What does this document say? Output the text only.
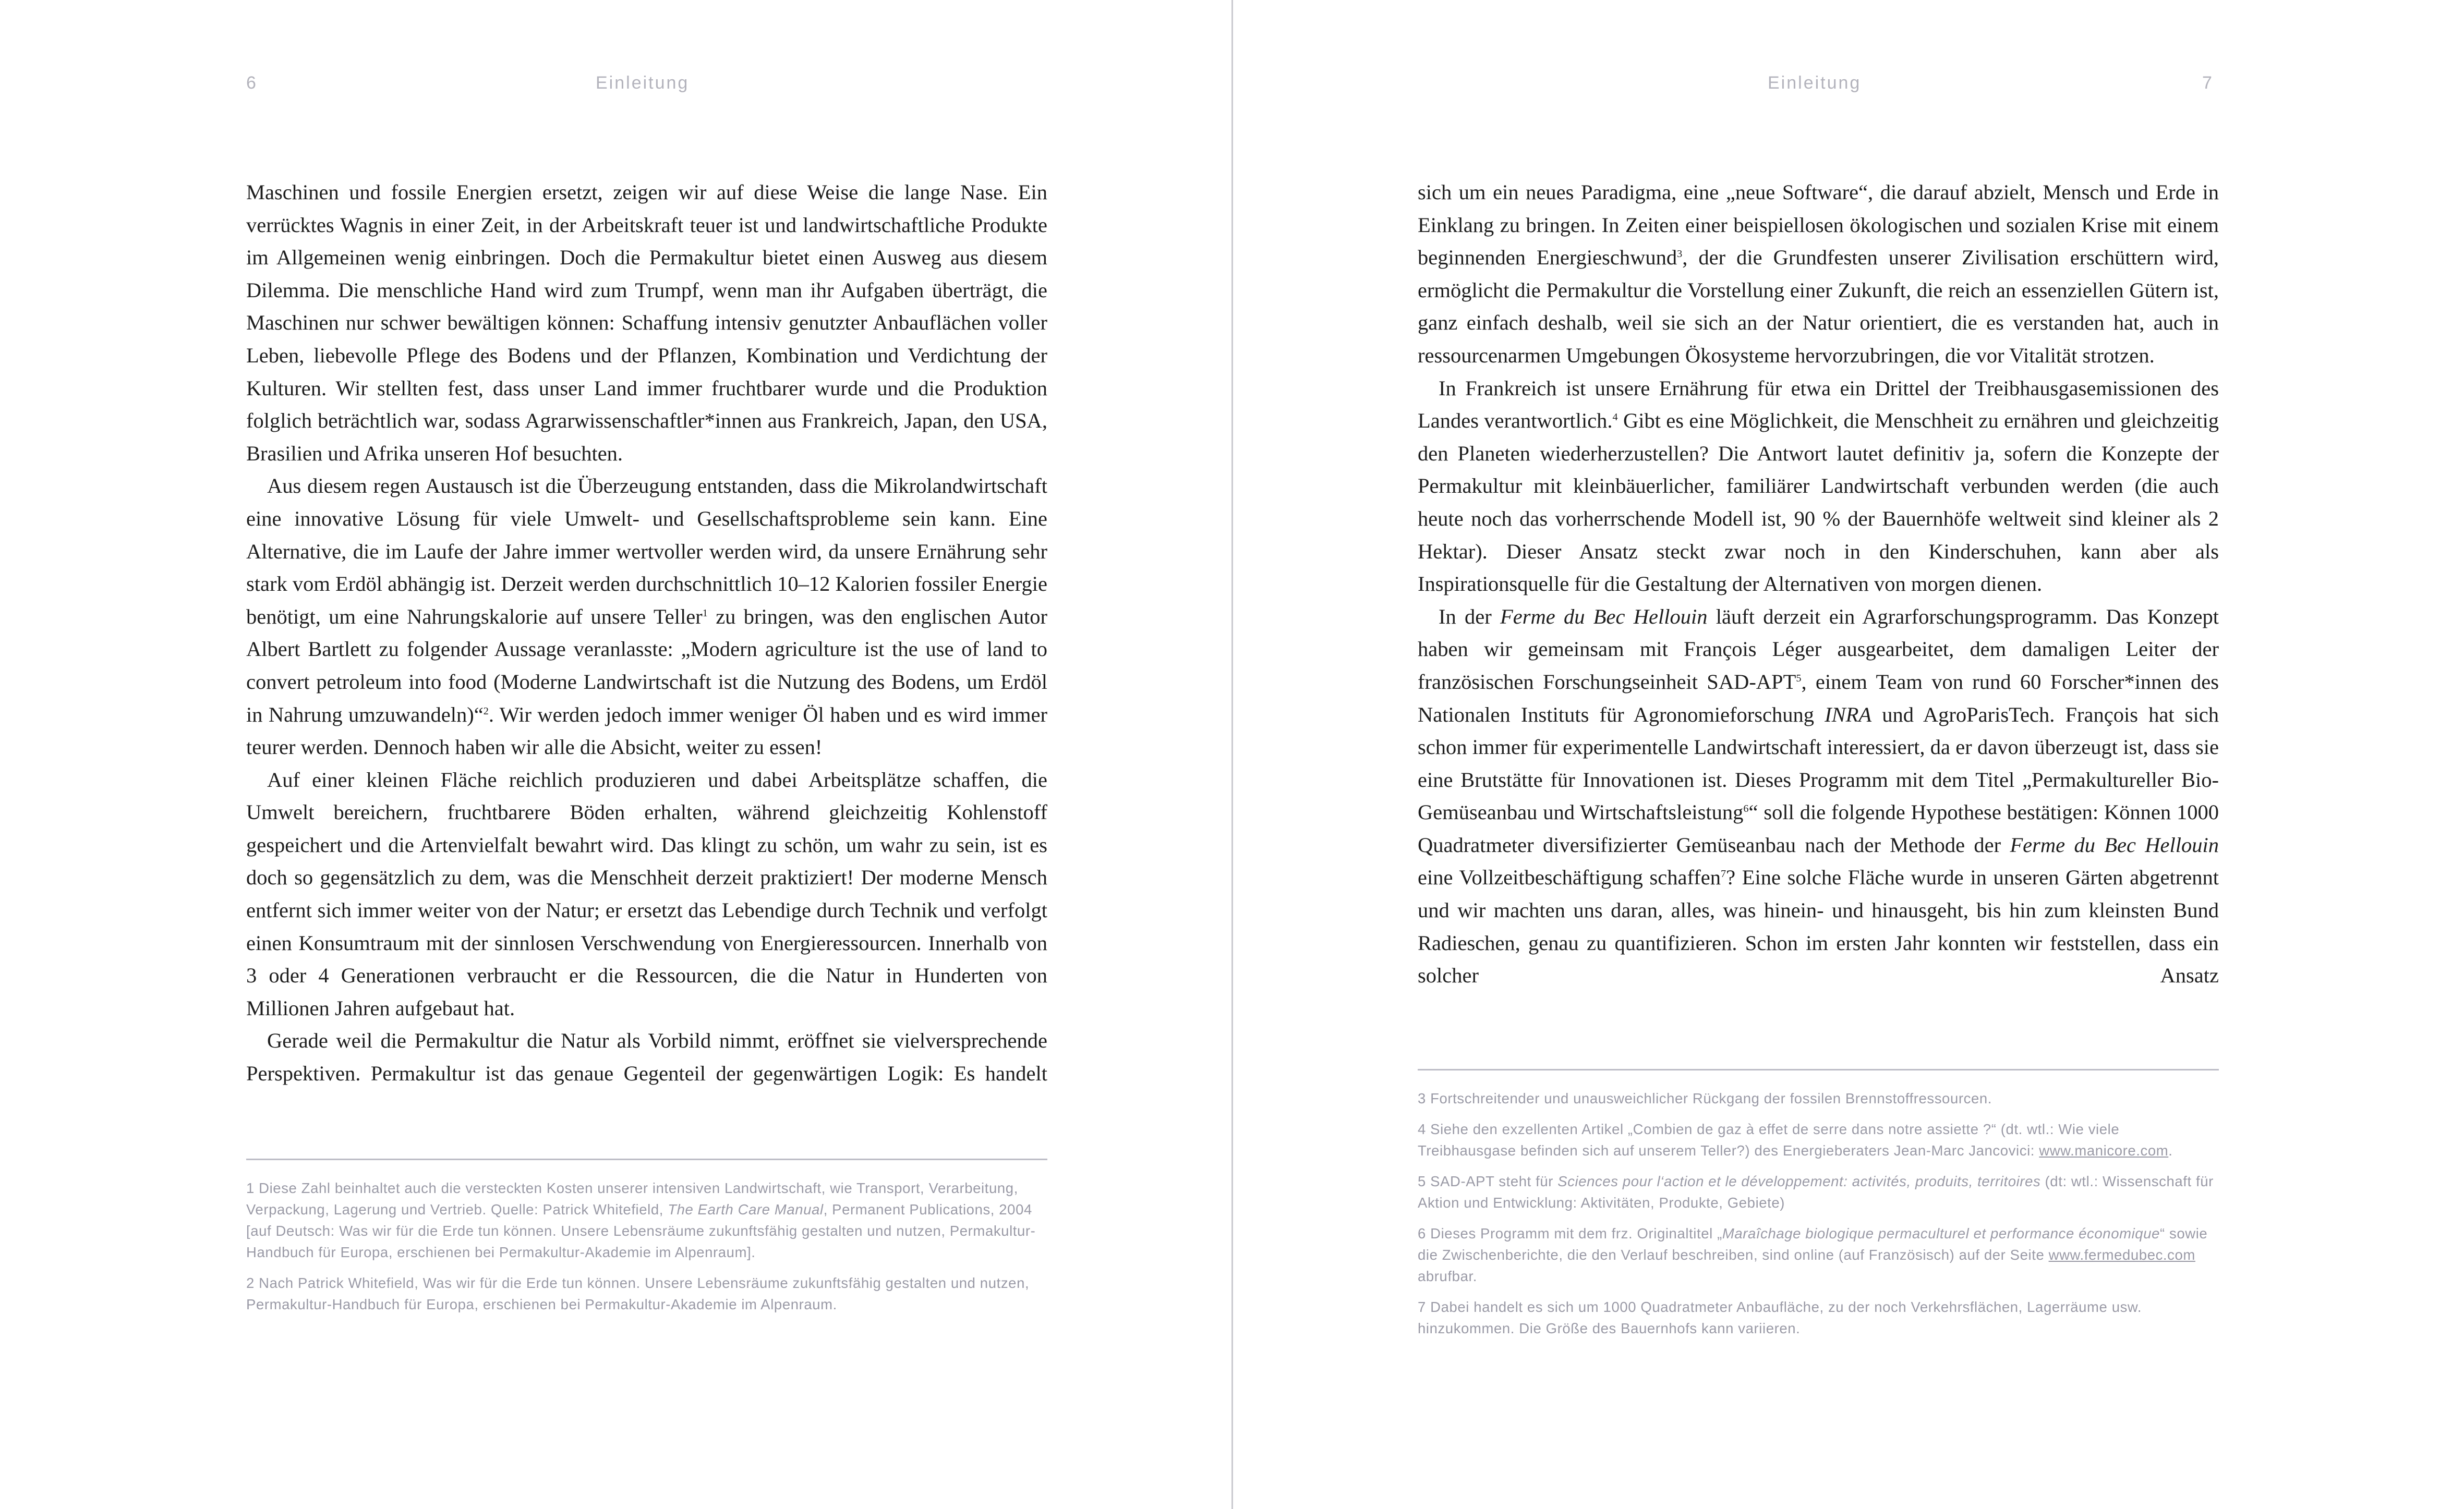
6	Einleitung

Maschinen und fossile Energien ersetzt, zeigen wir auf diese Weise die lange Nase. Ein verrücktes Wagnis in einer Zeit, in der Arbeitskraft teuer ist und landwirtschaftliche Produkte im Allgemeinen wenig einbringen. Doch die Permakultur bietet einen Ausweg aus diesem Dilemma. Die menschliche Hand wird zum Trumpf, wenn man ihr Aufgaben überträgt, die Maschinen nur schwer bewältigen können: Schaffung intensiv genutzter Anbauflächen voller Leben, liebevolle Pflege des Bodens und der Pflanzen, Kombination und Verdichtung der Kulturen. Wir stellten fest, dass unser Land immer fruchtbarer wurde und die Produktion folglich beträchtlich war, sodass Agrarwissenschaftler*innen aus Frankreich, Japan, den USA, Brasilien und Afrika unseren Hof besuchten.

Aus diesem regen Austausch ist die Überzeugung entstanden, dass die Mikrolandwirtschaft eine innovative Lösung für viele Umwelt- und Gesellschaftsprobleme sein kann. Eine Alternative, die im Laufe der Jahre immer wertvoller werden wird, da unsere Ernährung sehr stark vom Erdöl abhängig ist. Derzeit werden durchschnittlich 10–12 Kalorien fossiler Energie benötigt, um eine Nahrungskalorie auf unsere Teller$^1$ zu bringen, was den englischen Autor Albert Bartlett zu folgender Aussage veranlasste: „Modern agriculture ist the use of land to convert petroleum into food (Moderne Landwirtschaft ist die Nutzung des Bodens, um Erdöl in Nahrung umzuwandeln)“$^2$. Wir werden jedoch immer weniger Öl haben und es wird immer teurer werden. Dennoch haben wir alle die Absicht, weiter zu essen!

Auf einer kleinen Fläche reichlich produzieren und dabei Arbeitsplätze schaffen, die Umwelt bereichern, fruchtbarere Böden erhalten, während gleichzeitig Kohlenstoff gespeichert und die Artenvielfalt bewahrt wird. Das klingt zu schön, um wahr zu sein, ist es doch so gegensätzlich zu dem, was die Menschheit derzeit praktiziert! Der moderne Mensch entfernt sich immer weiter von der Natur; er ersetzt das Lebendige durch Technik und verfolgt einen Konsumtraum mit der sinnlosen Verschwendung von Energieressourcen. Innerhalb von 3 oder 4 Generationen verbraucht er die Ressourcen, die die Natur in Hunderten von Millionen Jahren aufgebaut hat.

Gerade weil die Permakultur die Natur als Vorbild nimmt, eröffnet sie vielversprechende Perspektiven. Permakultur ist das genaue Gegenteil der gegenwärtigen Logik: Es handelt

1 Diese Zahl beinhaltet auch die versteckten Kosten unserer intensiven Landwirtschaft, wie Transport, Verarbeitung, Verpackung, Lagerung und Vertrieb. Quelle: Patrick Whitefield, The Earth Care Manual, Permanent Publications, 2004 [auf Deutsch: Was wir für die Erde tun können. Unsere Lebensräume zukunftsfähig gestalten und nutzen, Permakultur-Handbuch für Europa, erschienen bei Permakultur-Akademie im Alpenraum].

2 Nach Patrick Whitefield, Was wir für die Erde tun können. Unsere Lebensräume zukunftsfähig gestalten und nutzen, Permakultur-Handbuch für Europa, erschienen bei Permakultur-Akademie im Alpenraum.

Einleitung	7

sich um ein neues Paradigma, eine „neue Software“, die darauf abzielt, Mensch und Erde in Einklang zu bringen. In Zeiten einer beispiellosen ökologischen und sozialen Krise mit einem beginnenden Energieschwund$^3$, der die Grundfesten unserer Zivilisation erschüttern wird, ermöglicht die Permakultur die Vorstellung einer Zukunft, die reich an essenziellen Gütern ist, ganz einfach deshalb, weil sie sich an der Natur orientiert, die es verstanden hat, auch in ressourcenarmen Umgebungen Ökosysteme hervorzubringen, die vor Vitalität strotzen.

In Frankreich ist unsere Ernährung für etwa ein Drittel der Treibhausgasemissionen des Landes verantwortlich.$^4$ Gibt es eine Möglichkeit, die Menschheit zu ernähren und gleichzeitig den Planeten wiederherzustellen? Die Antwort lautet definitiv ja, sofern die Konzepte der Permakultur mit kleinbäuerlicher, familiärer Landwirtschaft verbunden werden (die auch heute noch das vorherrschende Modell ist, 90 % der Bauernhöfe weltweit sind kleiner als 2 Hektar). Dieser Ansatz steckt zwar noch in den Kinderschuhen, kann aber als Inspirationsquelle für die Gestaltung der Alternativen von morgen dienen.

In der Ferme du Bec Hellouin läuft derzeit ein Agrarforschungsprogramm. Das Konzept haben wir gemeinsam mit François Léger ausgearbeitet, dem damaligen Leiter der französischen Forschungseinheit SAD-APT$^5$, einem Team von rund 60 Forscher*innen des Nationalen Instituts für Agronomieforschung INRA und AgroParisTech. François hat sich schon immer für experimentelle Landwirtschaft interessiert, da er davon überzeugt ist, dass sie eine Brutstätte für Innovationen ist. Dieses Programm mit dem Titel „Permakultureller Bio-Gemüseanbau und Wirtschaftsleistung$^6$“ soll die folgende Hypothese bestätigen: Können 1000 Quadratmeter diversifizierter Gemüseanbau nach der Methode der Ferme du Bec Hellouin eine Vollzeitbeschäftigung schaffen$^7$? Eine solche Fläche wurde in unseren Gärten abgetrennt und wir machten uns daran, alles, was hinein- und hinausgeht, bis hin zum kleinsten Bund Radieschen, genau zu quantifizieren. Schon im ersten Jahr konnten wir feststellen, dass ein solcher Ansatz

3 Fortschreitender und unausweichlicher Rückgang der fossilen Brennstoffressourcen.

4 Siehe den exzellenten Artikel „Combien de gaz à effet de serre dans notre assiette ?“ (dt. wtl.: Wie viele Treibhausgase befinden sich auf unserem Teller?) des Energieberaters Jean-Marc Jancovici: www.manicore.com.

5 SAD-APT steht für Sciences pour l‘action et le développement: activités, produits, territoires (dt: wtl.: Wissenschaft für Aktion und Entwicklung: Aktivitäten, Produkte, Gebiete)

6 Dieses Programm mit dem frz. Originaltitel „Maraîchage biologique permaculturel et performance économique“ sowie die Zwischenberichte, die den Verlauf beschreiben, sind online (auf Französisch) auf der Seite www.fermedubec.com abrufbar.

7 Dabei handelt es sich um 1000 Quadratmeter Anbaufläche, zu der noch Verkehrsflächen, Lagerräume usw. hinzukommen. Die Größe des Bauernhofs kann variieren.
